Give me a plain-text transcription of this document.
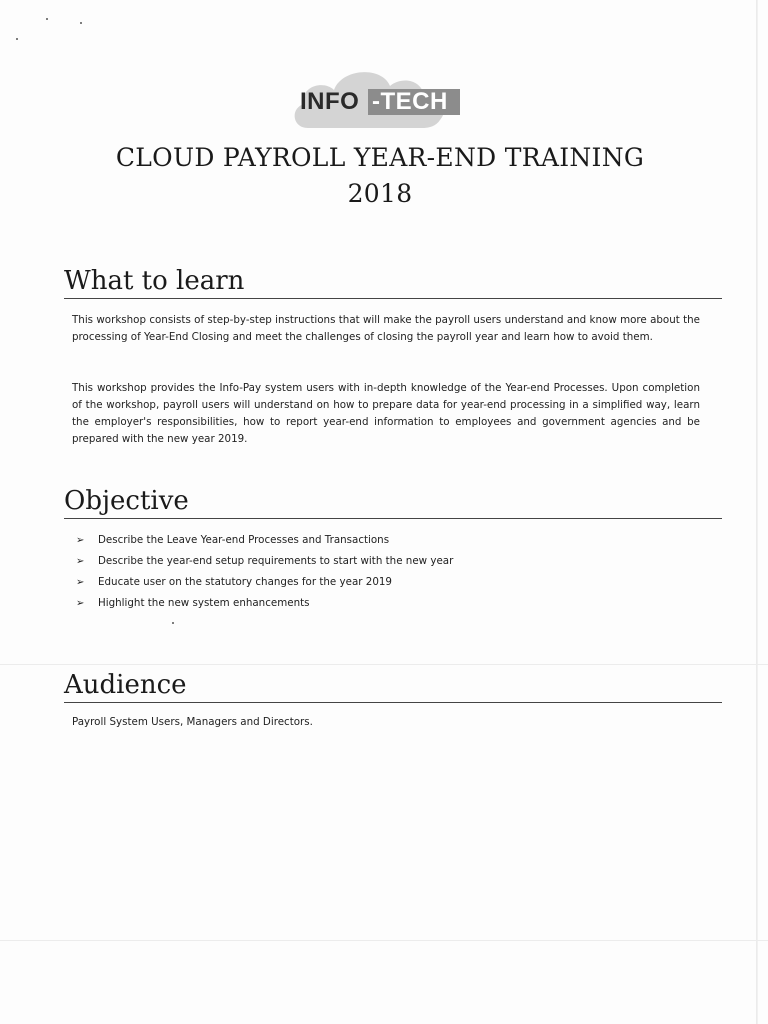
INFO -TECH
CLOUD PAYROLL YEAR-END TRAINING
2018
What to learn
This workshop consists of step-by-step instructions that will make the payroll users understand and know more about the processing of Year-End Closing and meet the challenges of closing the payroll year and learn how to avoid them.
This workshop provides the Info-Pay system users with in-depth knowledge of the Year-end Processes. Upon completion of the workshop, payroll users will understand on how to prepare data for year-end processing in a simplified way, learn the employer's responsibilities, how to report year-end information to employees and government agencies and be prepared with the new year 2019.
Objective
➢	Describe the Leave Year-end Processes and Transactions
➢	Describe the year-end setup requirements to start with the new year
➢	Educate user on the statutory changes for the year 2019
➢	Highlight the new system enhancements
Audience
Payroll System Users, Managers and Directors.
